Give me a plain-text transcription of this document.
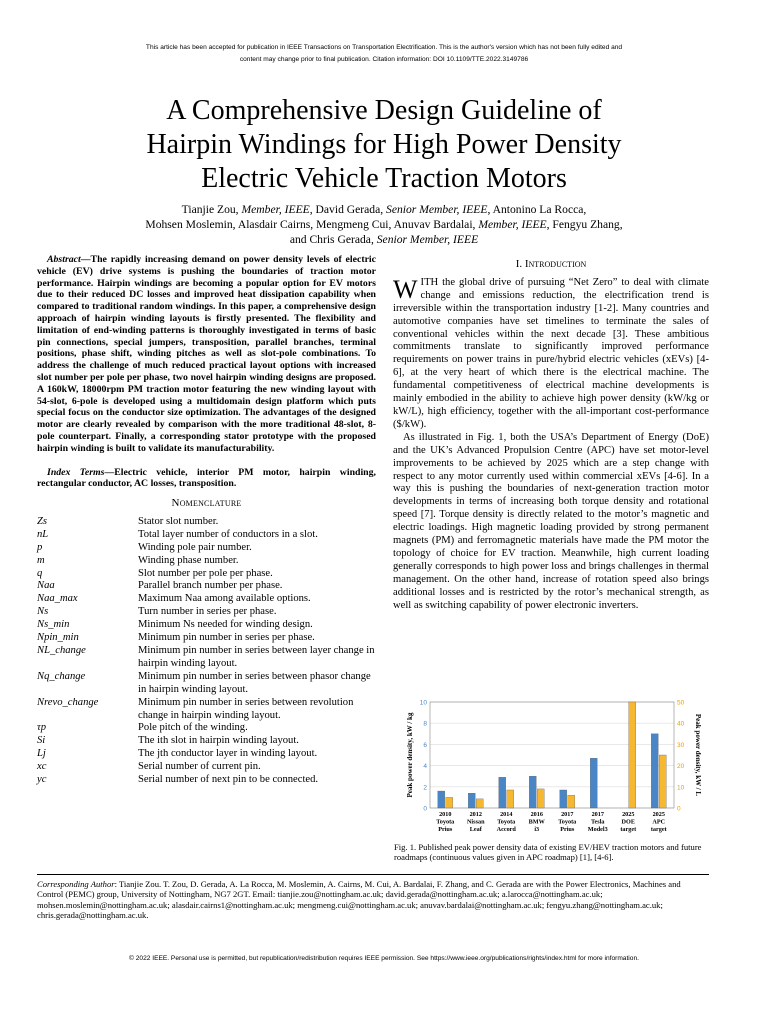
This article has been accepted for publication in IEEE Transactions on Transportation Electrification. This is the author's version which has not been fully edited and
content may change prior to final publication. Citation information: DOI 10.1109/TTE.2022.3149786
A Comprehensive Design Guideline of
Hairpin Windings for High Power Density
Electric Vehicle Traction Motors
Tianjie Zou, Member, IEEE, David Gerada, Senior Member, IEEE, Antonino La Rocca,
Mohsen Moslemin, Alasdair Cairns, Mengmeng Cui, Anuvav Bardalai, Member, IEEE, Fengyu Zhang,
and Chris Gerada, Senior Member, IEEE

Abstract—The rapidly increasing demand on power density levels of electric vehicle (EV) drive systems is pushing the boundaries of traction motor performance. Hairpin windings are becoming a popular option for EV motors due to their reduced DC losses and improved heat dissipation capability when compared to traditional random windings. In this paper, a comprehensive design approach of hairpin winding layouts is firstly presented. The flexibility and limitation of end-winding patterns is thoroughly investigated in terms of basic pin connections, special jumpers, transposition, parallel branches, terminal positions, phase shift, winding pitches as well as slot-pole combinations. To address the challenge of much reduced practical layout options with increased slot number per pole per phase, two novel hairpin winding designs are proposed. A 160kW, 18000rpm PM traction motor featuring the new winding layout with 54-slot, 6-pole is developed using a multidomain design platform which puts special focus on the conductor size optimization. The advantages of the designed motor are clearly revealed by comparison with the more traditional 48-slot, 8-pole counterpart. Finally, a corresponding stator prototype with the proposed hairpin winding is built to validate its manufacturability.

Index Terms—Electric vehicle, interior PM motor, hairpin winding, rectangular conductor, AC losses, transposition.

Nomenclature
Zs	Stator slot number.
nL	Total layer number of conductors in a slot.
p	Winding pole pair number.
m	Winding phase number.
q	Slot number per pole per phase.
Naa	Parallel branch number per phase.
Naa_max	Maximum Naa among available options.
Ns	Turn number in series per phase.
Ns_min	Minimum Ns needed for winding design.
Npin_min	Minimum pin number in series per phase.
NL_change	Minimum pin number in series between layer change in hairpin winding layout.
Nq_change	Minimum pin number in series between phasor change in hairpin winding layout.
Nrevo_change	Minimum pin number in series between revolution change in hairpin winding layout.
τp	Pole pitch of the winding.
Si	The ith slot in hairpin winding layout.
Lj	The jth conductor layer in winding layout.
xc	Serial number of current pin.
yc	Serial number of next pin to be connected.
I. Introduction

WITH the global drive of pursuing “Net Zero” to deal with climate change and emissions reduction, the electrification trend is irreversible within the transportation industry [1-2]. Many countries and automotive companies have set timelines to terminate the sales of conventional vehicles within the next decade [3]. These ambitious commitments translate to significantly improved performance requirements on power trains in pure/hybrid electric vehicles (xEVs) [4-6], at the very heart of which there is the electrical machine. The fundamental competitiveness of electrical machine developments is mainly embodied in the ability to achieve high power density (kW/kg or kW/L), high efficiency, together with the all-important cost-performance ($/kW).

As illustrated in Fig. 1, both the USA’s Department of Energy (DoE) and the UK’s Advanced Propulsion Centre (APC) have set motor-level improvements to be achieved by 2025 which are a step change with respect to any motor currently used within commercial xEVs [4-6]. In a way this is pushing the boundaries of next-generation traction motor developments in terms of increasing both torque density and rotational speed [7]. Torque density is directly related to the motor’s magnetic and electric loadings. High magnetic loading provided by strong permanent magnets (PM) and ferromagnetic materials have made the PM motor the topology of choice for EV traction. Meanwhile, high current loading generally corresponds to high power loss and brings challenges in thermal management. On the other hand, increase of rotation speed also brings additional losses and is restricted by the rotor’s mechanical strength, as well as switching capability of power electronic inverters.

0
2
4
6
8
10
0
10
20
30
40
50
Peak power density, kW / kg	Peak power density, kW / L
2010
Toyota
Prius
2012
Nissan
Leaf
2014
Toyota
Accord
2016
BMW
i3
2017
Toyota
Prius
2017
Tesla
Model3
2025
DOE
target
2025
APC
target
Fig. 1. Published peak power density data of existing EV/HEV traction motors and future roadmaps (continuous values given in APC roadmap) [1], [4-6].
Corresponding Author: Tianjie Zou. T. Zou, D. Gerada, A. La Rocca, M. Moslemin, A. Cairns, M. Cui, A. Bardalai, F. Zhang, and C. Gerada are with the Power Electronics, Machines and Control (PEMC) group, University of Nottingham, NG7 2GT. Email: tianjie.zou@nottingham.ac.uk; david.gerada@nottingham.ac.uk; a.larocca@nottingham.ac.uk; mohsen.moslemin@nottingham.ac.uk; alasdair.cairns1@nottingham.ac.uk; mengmeng.cui@nottingham.ac.uk; anuvav.bardalai@nottingham.ac.uk; fengyu.zhang@nottingham.ac.uk; chris.gerada@nottingham.ac.uk.
© 2022 IEEE. Personal use is permitted, but republication/redistribution requires IEEE permission. See https://www.ieee.org/publications/rights/index.html for more information.
